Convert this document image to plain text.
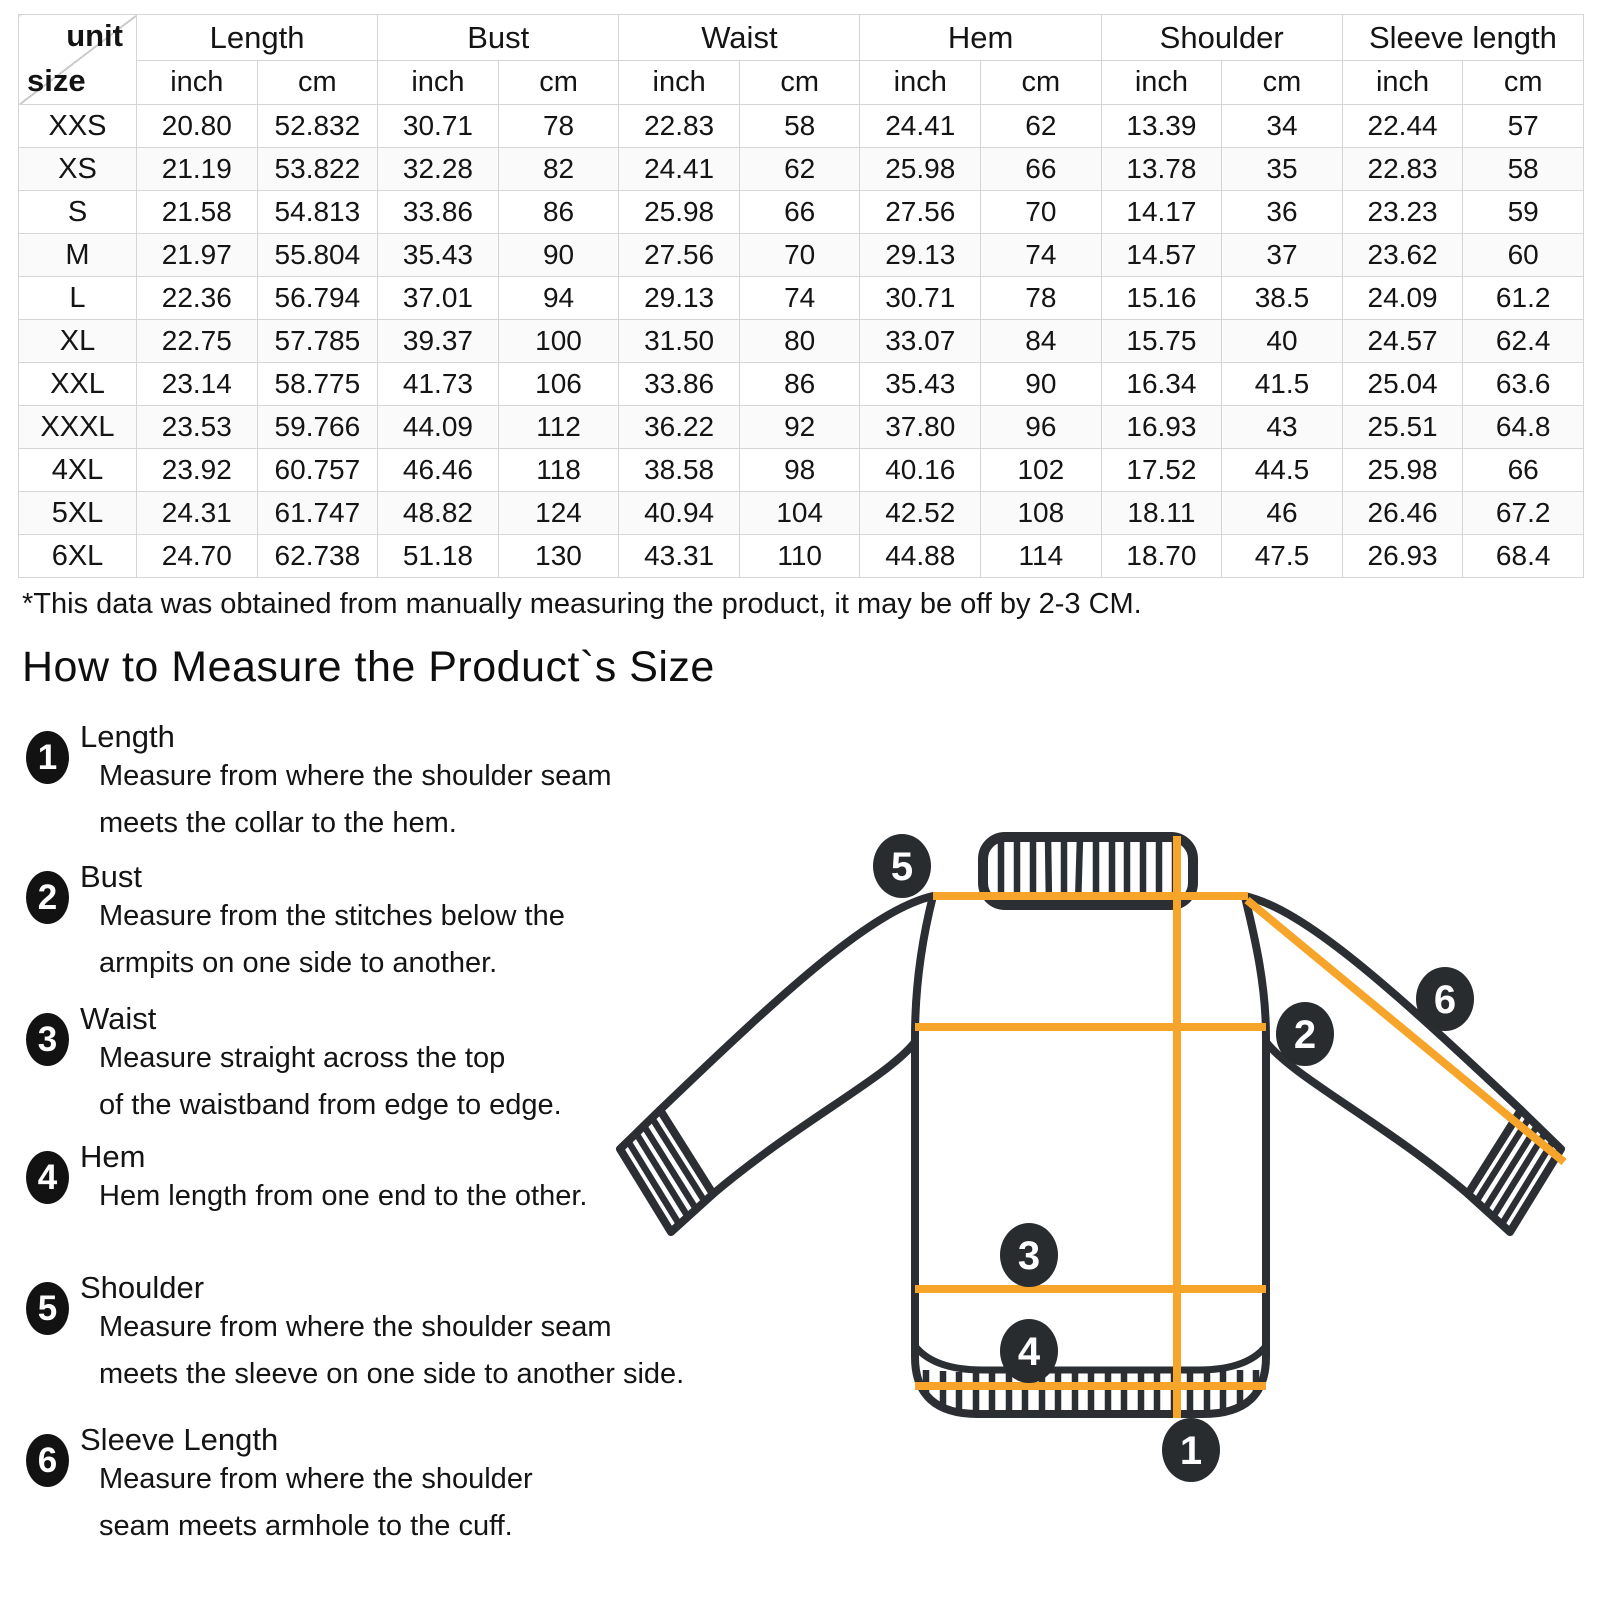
unit
size	Length		Bust		Waist		Hem		Shoulder		Sleeve length	
	inch	cm	inch	cm	inch	cm	inch	cm	inch	cm	inch	cm
XXS	20.80	52.832	30.71	78	22.83	58	24.41	62	13.39	34	22.44	57
XS	21.19	53.822	32.28	82	24.41	62	25.98	66	13.78	35	22.83	58
S	21.58	54.813	33.86	86	25.98	66	27.56	70	14.17	36	23.23	59
M	21.97	55.804	35.43	90	27.56	70	29.13	74	14.57	37	23.62	60
L	22.36	56.794	37.01	94	29.13	74	30.71	78	15.16	38.5	24.09	61.2
XL	22.75	57.785	39.37	100	31.50	80	33.07	84	15.75	40	24.57	62.4
XXL	23.14	58.775	41.73	106	33.86	86	35.43	90	16.34	41.5	25.04	63.6
XXXL	23.53	59.766	44.09	112	36.22	92	37.80	96	16.93	43	25.51	64.8
4XL	23.92	60.757	46.46	118	38.58	98	40.16	102	17.52	44.5	25.98	66
5XL	24.31	61.747	48.82	124	40.94	104	42.52	108	18.11	46	26.46	67.2
6XL	24.70	62.738	51.18	130	43.31	110	44.88	114	18.70	47.5	26.93	68.4
*This data was obtained from manually measuring the product, it may be off by 2-3 CM.
How to Measure the Product`s Size
1
Length
Measure from where the shoulder seam
meets the collar to the hem.
2
Bust
Measure from the stitches below the
armpits on one side to another.
3
Waist
Measure straight across the top
of the waistband from edge to edge.
4
Hem
Hem length from one end to the other.
5
Shoulder
Measure from where the shoulder seam
meets the sleeve on one side to another side.
6
Sleeve Length
Measure from where the shoulder
seam meets armhole to the cuff.
5
2
6
3
4
1
